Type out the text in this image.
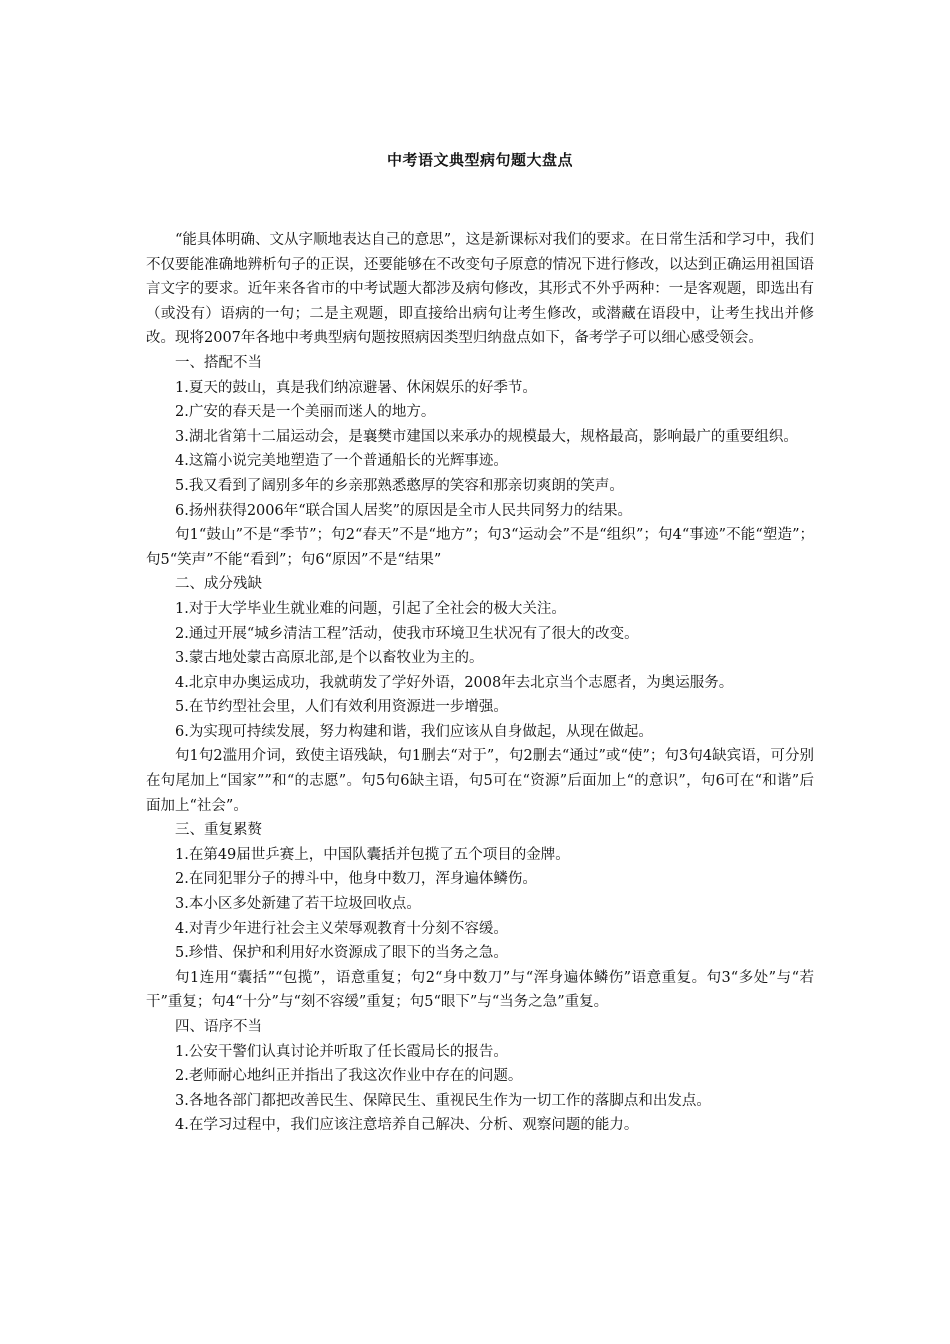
中考语文典型病句题大盘点

“能具体明确、文从字顺地表达自己的意思”，这是新课标对我们的要求。在日常生活和学习中，我们不仅要能准确地辨析句子的正误，还要能够在不改变句子原意的情况下进行修改，以达到正确运用祖国语言文字的要求。近年来各省市的中考试题大都涉及病句修改，其形式不外乎两种：一是客观题，即选出有（或没有）语病的一句；二是主观题，即直接给出病句让考生修改，或潜藏在语段中，让考生找出并修改。现将2007年各地中考典型病句题按照病因类型归纳盘点如下，备考学子可以细心感受领会。

一、搭配不当

1.夏天的鼓山，真是我们纳凉避暑、休闲娱乐的好季节。

2.广安的春天是一个美丽而迷人的地方。

3.湖北省第十二届运动会，是襄樊市建国以来承办的规模最大，规格最高，影响最广的重要组织。

4.这篇小说完美地塑造了一个普通船长的光辉事迹。

5.我又看到了阔别多年的乡亲那熟悉憨厚的笑容和那亲切爽朗的笑声。

6.扬州获得2006年“联合国人居奖”的原因是全市人民共同努力的结果。

句1“鼓山”不是“季节”；句2“春天”不是“地方”；句3“运动会”不是“组织”；句4“事迹”不能“塑造”；句5“笑声”不能“看到”；句6“原因”不是“结果”

二、成分残缺

1.对于大学毕业生就业难的问题，引起了全社会的极大关注。

2.通过开展“城乡清洁工程”活动，使我市环境卫生状况有了很大的改变。

3.蒙古地处蒙古高原北部,是个以畜牧业为主的。

4.北京申办奥运成功，我就萌发了学好外语，2008年去北京当个志愿者，为奥运服务。

5.在节约型社会里，人们有效利用资源进一步增强。

6.为实现可持续发展，努力构建和谐，我们应该从自身做起，从现在做起。

句1句2滥用介词，致使主语残缺，句1删去“对于”，句2删去“通过”或“使”；句3句4缺宾语，可分别在句尾加上“国家””和“的志愿”。句5句6缺主语，句5可在“资源”后面加上“的意识”，句6可在“和谐”后面加上“社会”。

三、重复累赘

1.在第49届世乒赛上，中国队囊括并包揽了五个项目的金牌。

2.在同犯罪分子的搏斗中，他身中数刀，浑身遍体鳞伤。

3.本小区多处新建了若干垃圾回收点。

4.对青少年进行社会主义荣辱观教育十分刻不容缓。

5.珍惜、保护和利用好水资源成了眼下的当务之急。

句1连用“囊括”“包揽”，语意重复；句2“身中数刀”与“浑身遍体鳞伤”语意重复。句3“多处”与“若干”重复；句4“十分”与“刻不容缓”重复；句5“眼下”与“当务之急”重复。

四、语序不当

1.公安干警们认真讨论并听取了任长霞局长的报告。

2.老师耐心地纠正并指出了我这次作业中存在的问题。

3.各地各部门都把改善民生、保障民生、重视民生作为一切工作的落脚点和出发点。

4.在学习过程中，我们应该注意培养自己解决、分析、观察问题的能力。
